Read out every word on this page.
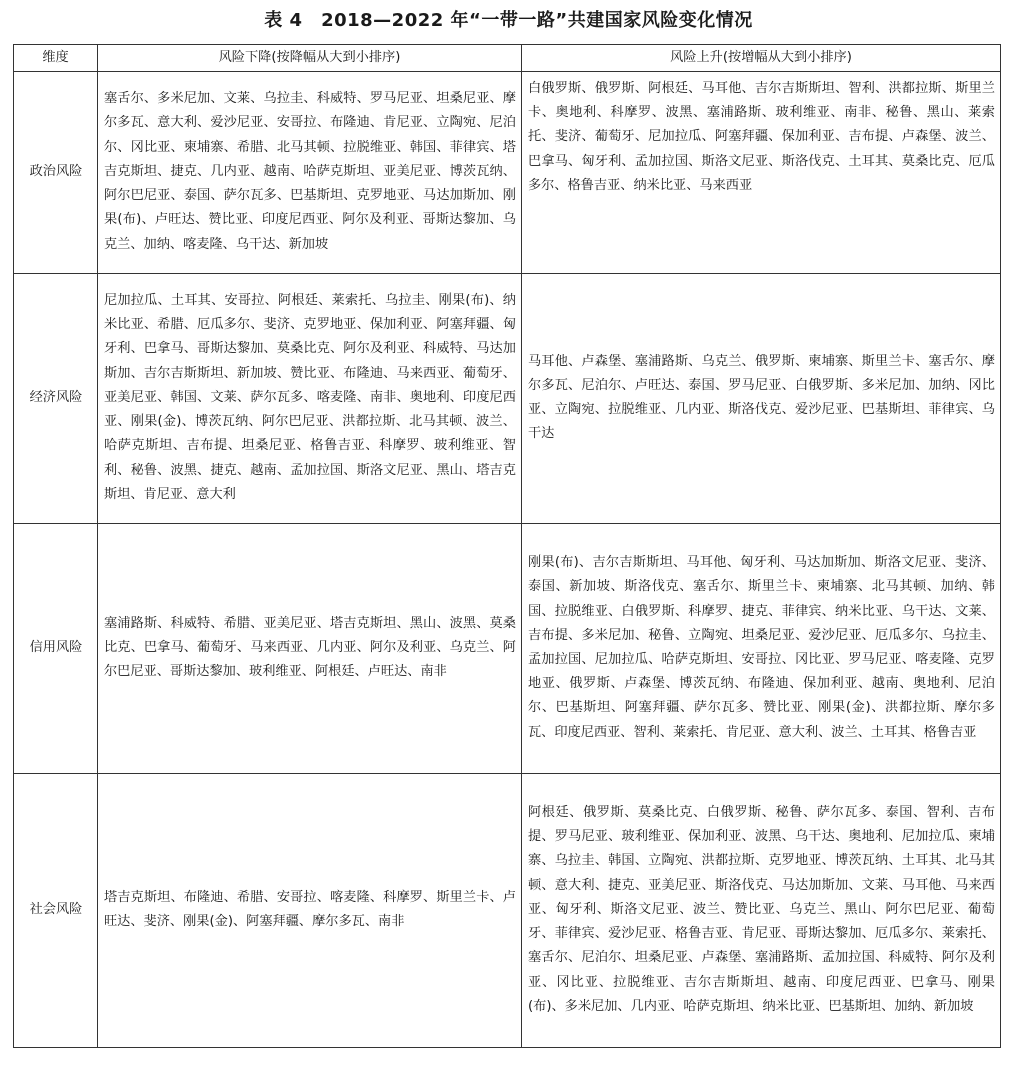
表 4　2018—2022 年“一带一路”共建国家风险变化情况
维度	风险下降(按降幅从大到小排序)	风险上升(按增幅从大到小排序)
政治风险	塞舌尔、多米尼加、文莱、乌拉圭、科威特、罗马尼亚、坦桑尼亚、摩尔多瓦、意大利、爱沙尼亚、安哥拉、布隆迪、肯尼亚、立陶宛、尼泊尔、冈比亚、柬埔寨、希腊、北马其顿、拉脱维亚、韩国、菲律宾、塔吉克斯坦、捷克、几内亚、越南、哈萨克斯坦、亚美尼亚、博茨瓦纳、阿尔巴尼亚、泰国、萨尔瓦多、巴基斯坦、克罗地亚、马达加斯加、刚果(布)、卢旺达、赞比亚、印度尼西亚、阿尔及利亚、哥斯达黎加、乌克兰、加纳、喀麦隆、乌干达、新加坡	白俄罗斯、俄罗斯、阿根廷、马耳他、吉尔吉斯斯坦、智利、洪都拉斯、斯里兰卡、奥地利、科摩罗、波黑、塞浦路斯、玻利维亚、南非、秘鲁、黑山、莱索托、斐济、葡萄牙、尼加拉瓜、阿塞拜疆、保加利亚、吉布提、卢森堡、波兰、巴拿马、匈牙利、孟加拉国、斯洛文尼亚、斯洛伐克、土耳其、莫桑比克、厄瓜多尔、格鲁吉亚、纳米比亚、马来西亚
经济风险	尼加拉瓜、土耳其、安哥拉、阿根廷、莱索托、乌拉圭、刚果(布)、纳米比亚、希腊、厄瓜多尔、斐济、克罗地亚、保加利亚、阿塞拜疆、匈牙利、巴拿马、哥斯达黎加、莫桑比克、阿尔及利亚、科威特、马达加斯加、吉尔吉斯斯坦、新加坡、赞比亚、布隆迪、马来西亚、葡萄牙、亚美尼亚、韩国、文莱、萨尔瓦多、喀麦隆、南非、奥地利、印度尼西亚、刚果(金)、博茨瓦纳、阿尔巴尼亚、洪都拉斯、北马其顿、波兰、哈萨克斯坦、吉布提、坦桑尼亚、格鲁吉亚、科摩罗、玻利维亚、智利、秘鲁、波黑、捷克、越南、孟加拉国、斯洛文尼亚、黑山、塔吉克斯坦、肯尼亚、意大利	马耳他、卢森堡、塞浦路斯、乌克兰、俄罗斯、柬埔寨、斯里兰卡、塞舌尔、摩尔多瓦、尼泊尔、卢旺达、泰国、罗马尼亚、白俄罗斯、多米尼加、加纳、冈比亚、立陶宛、拉脱维亚、几内亚、斯洛伐克、爱沙尼亚、巴基斯坦、菲律宾、乌干达
信用风险	塞浦路斯、科威特、希腊、亚美尼亚、塔吉克斯坦、黑山、波黑、莫桑比克、巴拿马、葡萄牙、马来西亚、几内亚、阿尔及利亚、乌克兰、阿尔巴尼亚、哥斯达黎加、玻利维亚、阿根廷、卢旺达、南非	刚果(布)、吉尔吉斯斯坦、马耳他、匈牙利、马达加斯加、斯洛文尼亚、斐济、泰国、新加坡、斯洛伐克、塞舌尔、斯里兰卡、柬埔寨、北马其顿、加纳、韩国、拉脱维亚、白俄罗斯、科摩罗、捷克、菲律宾、纳米比亚、乌干达、文莱、吉布提、多米尼加、秘鲁、立陶宛、坦桑尼亚、爱沙尼亚、厄瓜多尔、乌拉圭、孟加拉国、尼加拉瓜、哈萨克斯坦、安哥拉、冈比亚、罗马尼亚、喀麦隆、克罗地亚、俄罗斯、卢森堡、博茨瓦纳、布隆迪、保加利亚、越南、奥地利、尼泊尔、巴基斯坦、阿塞拜疆、萨尔瓦多、赞比亚、刚果(金)、洪都拉斯、摩尔多瓦、印度尼西亚、智利、莱索托、肯尼亚、意大利、波兰、土耳其、格鲁吉亚
社会风险	塔吉克斯坦、布隆迪、希腊、安哥拉、喀麦隆、科摩罗、斯里兰卡、卢旺达、斐济、刚果(金)、阿塞拜疆、摩尔多瓦、南非	阿根廷、俄罗斯、莫桑比克、白俄罗斯、秘鲁、萨尔瓦多、泰国、智利、吉布提、罗马尼亚、玻利维亚、保加利亚、波黑、乌干达、奥地利、尼加拉瓜、柬埔寨、乌拉圭、韩国、立陶宛、洪都拉斯、克罗地亚、博茨瓦纳、土耳其、北马其顿、意大利、捷克、亚美尼亚、斯洛伐克、马达加斯加、文莱、马耳他、马来西亚、匈牙利、斯洛文尼亚、波兰、赞比亚、乌克兰、黑山、阿尔巴尼亚、葡萄牙、菲律宾、爱沙尼亚、格鲁吉亚、肯尼亚、哥斯达黎加、厄瓜多尔、莱索托、塞舌尔、尼泊尔、坦桑尼亚、卢森堡、塞浦路斯、孟加拉国、科威特、阿尔及利亚、冈比亚、拉脱维亚、吉尔吉斯斯坦、越南、印度尼西亚、巴拿马、刚果(布)、多米尼加、几内亚、哈萨克斯坦、纳米比亚、巴基斯坦、加纳、新加坡
